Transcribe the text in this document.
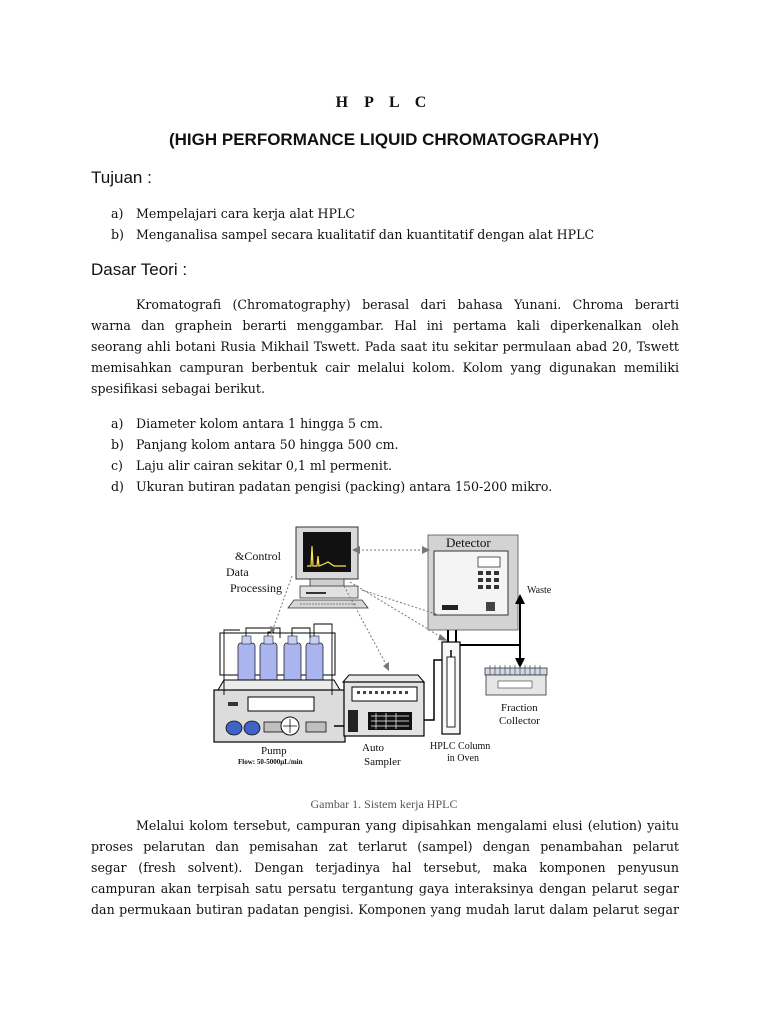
H P L C
(HIGH PERFORMANCE LIQUID CHROMATOGRAPHY)
Tujuan :
a) Mempelajari cara kerja alat HPLC
b) Menganalisa sampel secara kualitatif dan kuantitatif dengan alat HPLC
Dasar Teori :
Kromatografi (Chromatography) berasal dari bahasa Yunani. Chroma berarti
warna dan graphein berarti menggambar. Hal ini pertama kali diperkenalkan oleh
seorang ahli botani Rusia Mikhail Tswett. Pada saat itu sekitar permulaan abad 20, Tswett
memisahkan campuran berbentuk cair melalui kolom. Kolom yang digunakan memiliki
spesifikasi sebagai berikut.
a) Diameter kolom antara 1 hingga 5 cm.
b) Panjang kolom antara 50 hingga 500 cm.
c) Laju alir cairan sekitar 0,1 ml permenit.
d) Ukuran butiran padatan pengisi (packing) antara 150-200 mikro.
&Control
Data
Processing
Detector
Waste
Fraction
Collector
Pump
Flow: 50-5000µL/min
Auto
Sampler
HPLC Column
in Oven
Gambar 1. Sistem kerja HPLC
Melalui kolom tersebut, campuran yang dipisahkan mengalami elusi (elution) yaitu
proses pelarutan dan pemisahan zat terlarut (sampel) dengan penambahan pelarut
segar (fresh solvent). Dengan terjadinya hal tersebut, maka komponen penyusun
campuran akan terpisah satu persatu tergantung gaya interaksinya dengan pelarut segar
dan permukaan butiran padatan pengisi. Komponen yang mudah larut dalam pelarut segar
